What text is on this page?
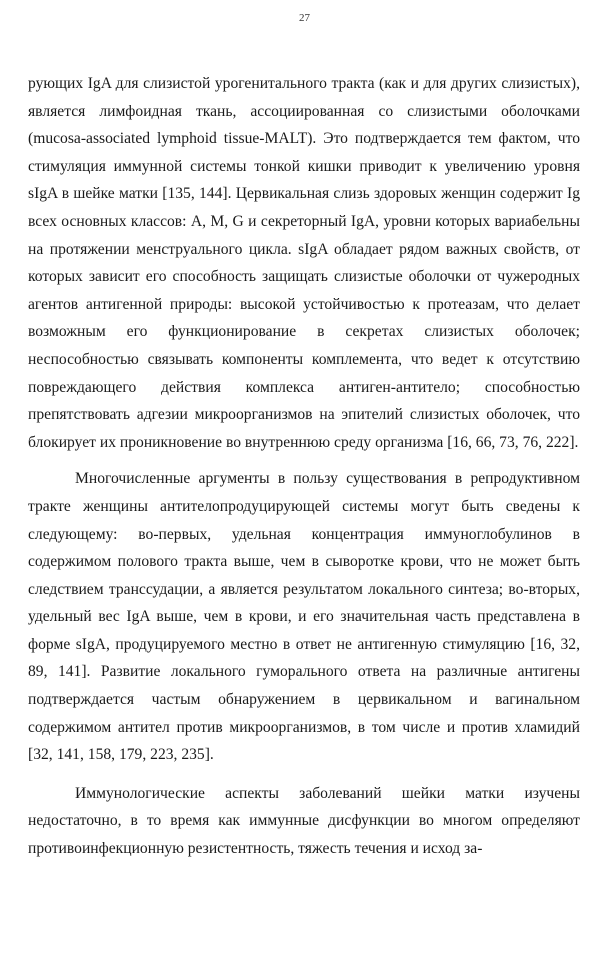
27

рующих IgA для слизистой урогенитального тракта (как и для других слизистых), является лимфоидная ткань, ассоциированная со слизистыми оболочками (mucosa-associated lymphoid tissue-MALT). Это подтверждается тем фактом, что стимуляция иммунной системы тонкой кишки приводит к увеличению уровня sIgA в шейке матки [135, 144]. Цервикальная слизь здоровых женщин содержит Ig всех основных классов: A, M, G и секреторный IgA, уровни которых вариабельны на протяжении менструального цикла. sIgA обладает рядом важных свойств, от которых зависит его способность защищать слизистые оболочки от чужеродных агентов антигенной природы: высокой устойчивостью к протеазам, что делает возможным его функционирование в секретах слизистых оболочек; неспособностью связывать компоненты комплемента, что ведет к отсутствию повреждающего действия комплекса антиген-антитело; способностью препятствовать адгезии микроорганизмов на эпителий слизистых оболочек, что блокирует их проникновение во внутреннюю среду организма [16, 66, 73, 76, 222].

Многочисленные аргументы в пользу существования в репродуктивном тракте женщины антителопродуцирующей системы могут быть сведены к следующему: во-первых, удельная концентрация иммуноглобулинов в содержимом полового тракта выше, чем в сыворотке крови, что не может быть следствием транссудации, а является результатом локального синтеза; во-вторых, удельный вес IgA выше, чем в крови, и его значительная часть представлена в форме sIgA, продуцируемого местно в ответ не антигенную стимуляцию [16, 32, 89, 141]. Развитие локального гуморального ответа на различные антигены подтверждается частым обнаружением в цервикальном и вагинальном содержимом антител против микроорганизмов, в том числе и против хламидий [32, 141, 158, 179, 223, 235].

Иммунологические аспекты заболеваний шейки матки изучены недостаточно, в то время как иммунные дисфункции во многом определяют противоинфекционную резистентность, тяжесть течения и исход за-
